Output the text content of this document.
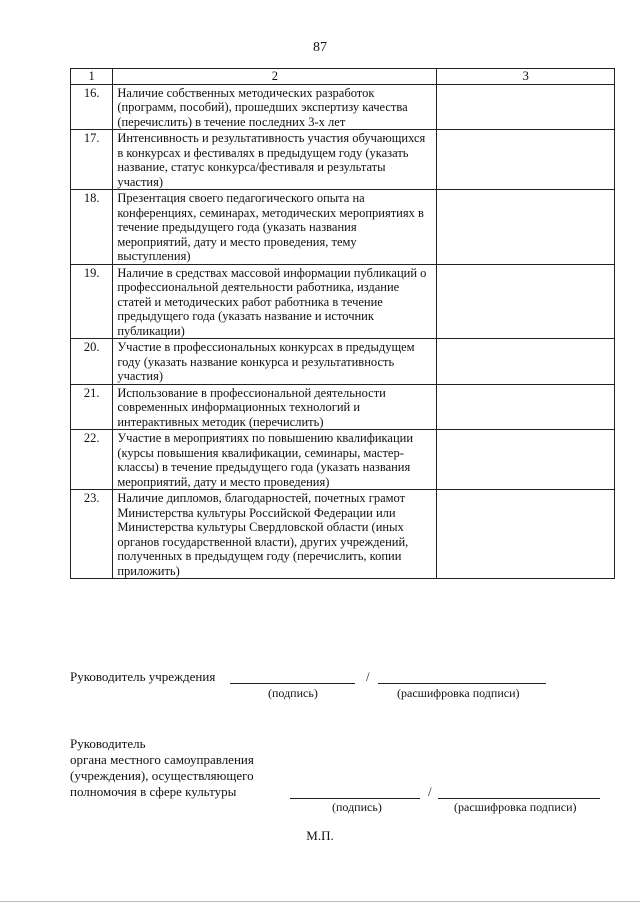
87
1	2	3
16.	Наличие собственных методических разработок (программ, пособий), прошедших экспертизу качества (перечислить) в течение последних 3-х лет	
17.	Интенсивность и результативность участия обучающихся в конкурсах и фестивалях в предыдущем году (указать название, статус конкурса/фестиваля и результаты участия)	
18.	Презентация своего педагогического опыта на конференциях, семинарах, методических мероприятиях в течение предыдущего года (указать названия мероприятий, дату и место проведения, тему выступления)	
19.	Наличие в средствах массовой информации публикаций о профессиональной деятельности работника, издание статей и методических работ работника в течение предыдущего года (указать название и источник публикации)	
20.	Участие в профессиональных конкурсах в предыдущем году (указать название конкурса и результативность участия)	
21.	Использование в профессиональной деятельности современных информационных технологий и интерактивных методик (перечислить)	
22.	Участие в мероприятиях по повышению квалификации (курсы повышения квалификации, семинары, мастер-классы) в течение предыдущего года (указать названия мероприятий, дату и место проведения)	
23.	Наличие дипломов, благодарностей, почетных грамот Министерства культуры Российской Федерации или Министерства культуры Свердловской области (иных органов государственной власти), других учреждений, полученных в предыдущем году (перечислить, копии приложить)	
Руководитель учреждения	/
(подпись)	(расшифровка подписи)
Руководитель
органа местного самоуправления
(учреждения), осуществляющего
полномочия в сфере культуры	/
(подпись)	(расшифровка подписи)
М.П.
